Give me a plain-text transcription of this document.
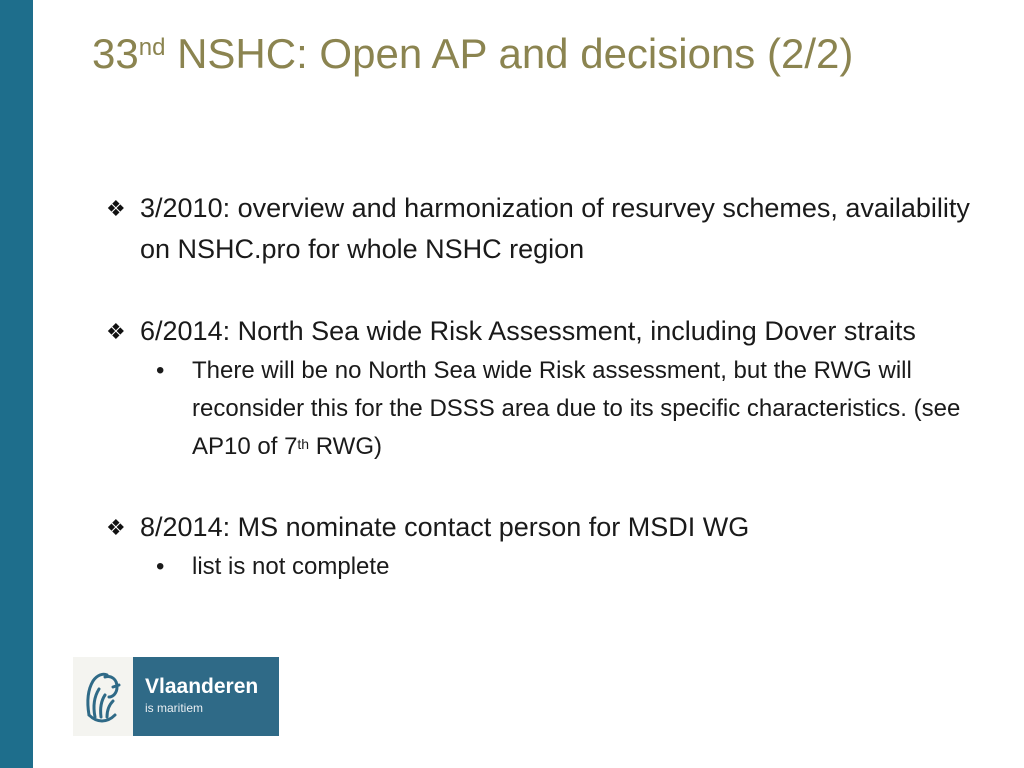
33nd NSHC: Open AP and decisions (2/2)
❖ 3/2010: overview and harmonization of resurvey schemes, availability on NSHC.pro for whole NSHC region
❖ 6/2014: North Sea wide Risk Assessment, including Dover straits
• There will be no North Sea wide Risk assessment, but the RWG will reconsider this for the DSSS area due to its specific characteristics. (see AP10 of 7th RWG)
❖ 8/2014: MS nominate contact person for MSDI WG
• list is not complete
Vlaanderen
is maritiem
